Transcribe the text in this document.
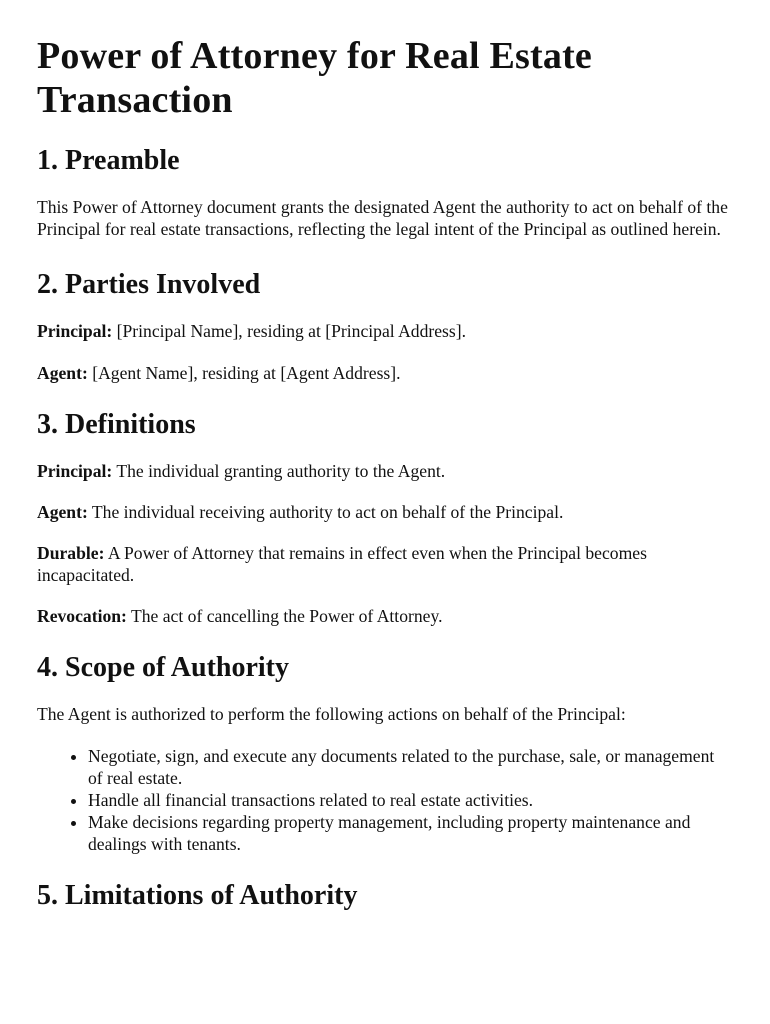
Power of Attorney for Real Estate Transaction
1. Preamble

This Power of Attorney document grants the designated Agent the authority to act on behalf of the Principal for real estate transactions, reflecting the legal intent of the Principal as outlined herein.

2. Parties Involved

Principal: [Principal Name], residing at [Principal Address].

Agent: [Agent Name], residing at [Agent Address].

3. Definitions

Principal: The individual granting authority to the Agent.

Agent: The individual receiving authority to act on behalf of the Principal.

Durable: A Power of Attorney that remains in effect even when the Principal becomes incapacitated.

Revocation: The act of cancelling the Power of Attorney.

4. Scope of Authority

The Agent is authorized to perform the following actions on behalf of the Principal:

• Negotiate, sign, and execute any documents related to the purchase, sale, or management of real estate.
• Handle all financial transactions related to real estate activities.
• Make decisions regarding property management, including property maintenance and dealings with tenants.
5. Limitations of Authority
